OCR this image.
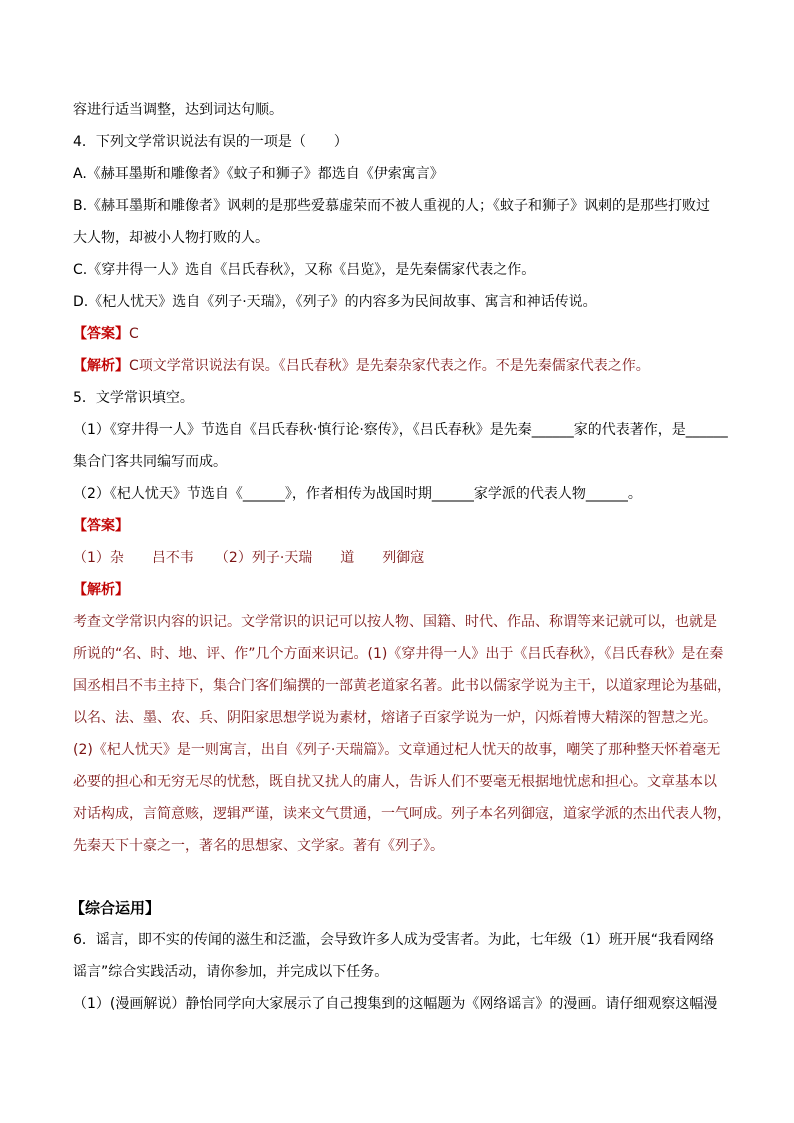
容进行适当调整，达到词达句顺。
4．下列文学常识说法有误的一项是（　　）
A.《赫耳墨斯和雕像者》《蚊子和狮子》都选自《伊索寓言》
B.《赫耳墨斯和雕像者》讽刺的是那些爱慕虚荣而不被人重视的人；《蚊子和狮子》讽刺的是那些打败过
大人物，却被小人物打败的人。
C.《穿井得一人》选自《吕氏春秋》，又称《吕览》，是先秦儒家代表之作。
D.《杞人忧天》选自《列子·天瑞》，《列子》的内容多为民间故事、寓言和神话传说。
【答案】C
【解析】C项文学常识说法有误。《吕氏春秋》是先秦杂家代表之作。不是先秦儒家代表之作。
5．文学常识填空。
（1）《穿井得一人》节选自《吕氏春秋·慎行论·察传》，《吕氏春秋》是先秦______家的代表著作，是______
集合门客共同编写而成。
（2）《杞人忧天》节选自《______》，作者相传为战国时期______家学派的代表人物______。
【答案】
（1）杂　　吕不韦　　（2）列子·天瑞　　道　　列御寇
【解析】
考查文学常识内容的识记。文学常识的识记可以按人物、国籍、时代、作品、称谓等来记就可以，也就是
所说的“名、时、地、评、作”几个方面来识记。(1)《穿井得一人》出于《吕氏春秋》，《吕氏春秋》是在秦
国丞相吕不韦主持下，集合门客们编撰的一部黄老道家名著。此书以儒家学说为主干，以道家理论为基础，
以名、法、墨、农、兵、阴阳家思想学说为素材，熔诸子百家学说为一炉，闪烁着博大精深的智慧之光。
(2)《杞人忧天》是一则寓言，出自《列子·天瑞篇》。文章通过杞人忧天的故事，嘲笑了那种整天怀着毫无
必要的担心和无穷无尽的忧愁，既自扰又扰人的庸人，告诉人们不要毫无根据地忧虑和担心。文章基本以
对话构成，言简意赅，逻辑严谨，读来文气贯通，一气呵成。列子本名列御寇，道家学派的杰出代表人物，
先秦天下十豪之一，著名的思想家、文学家。著有《列子》。
【综合运用】
6．谣言，即不实的传闻的滋生和泛滥，会导致许多人成为受害者。为此，七年级（1）班开展“我看网络
谣言”综合实践活动，请你参加，并完成以下任务。
（1）(漫画解说）静怡同学向大家展示了自己搜集到的这幅题为《网络谣言》的漫画。请仔细观察这幅漫
